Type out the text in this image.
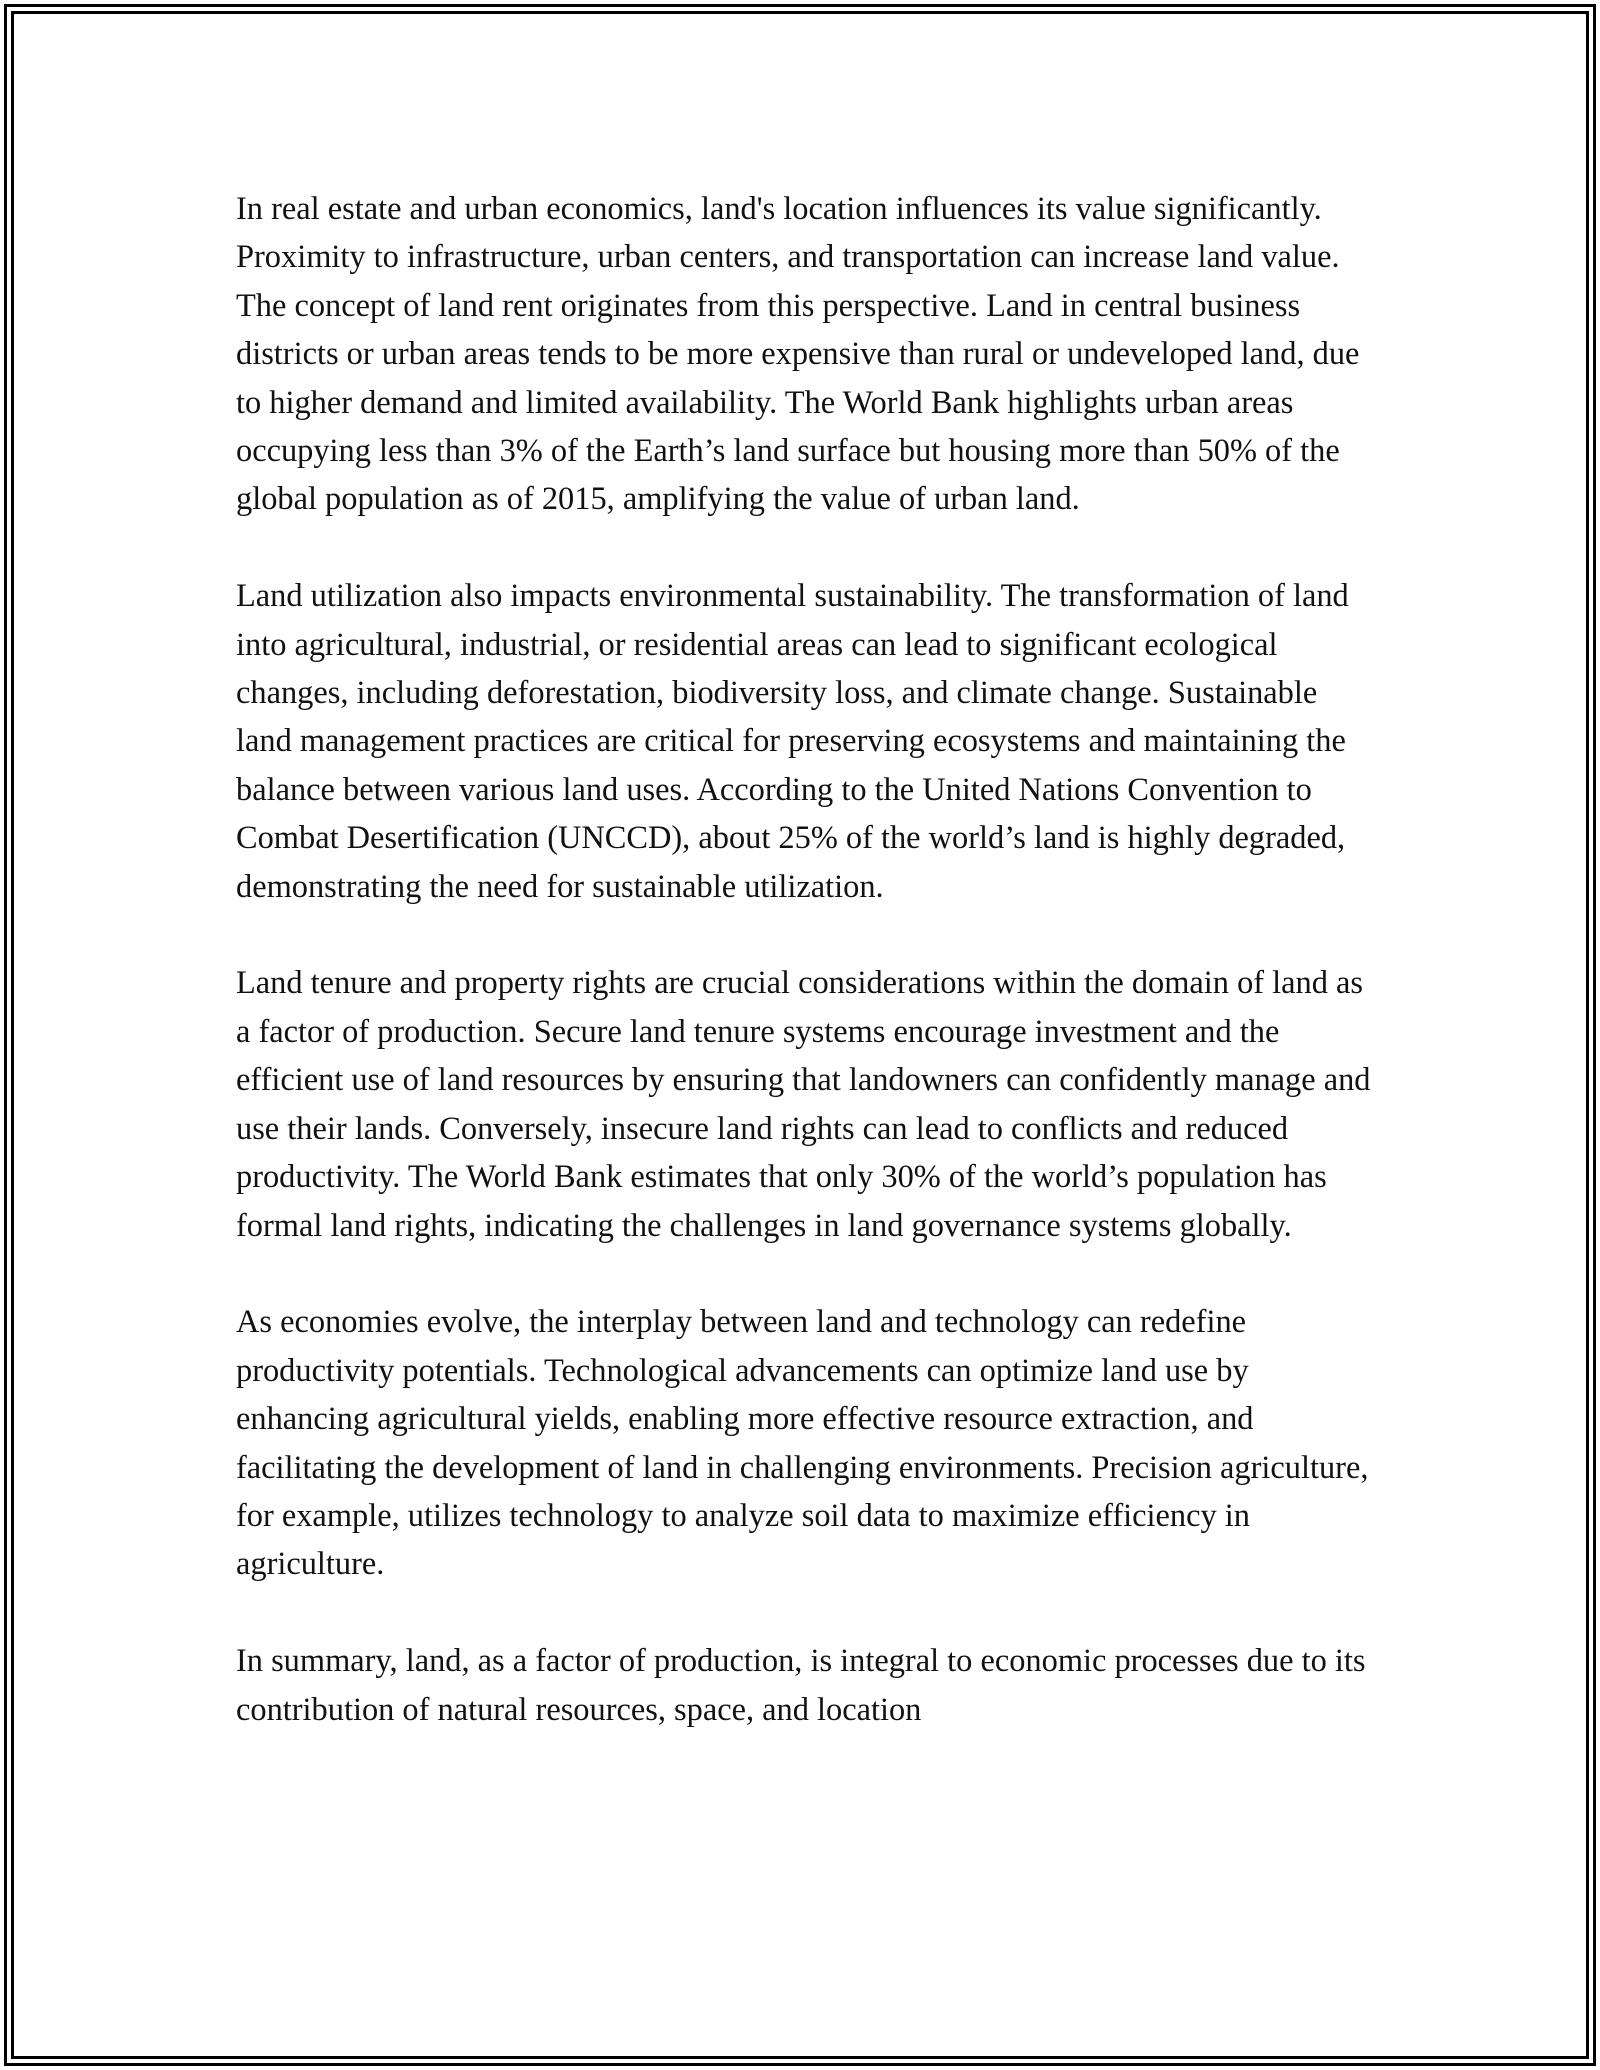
In real estate and urban economics, land's location influences its value significantly. Proximity to infrastructure, urban centers, and transportation can increase land value. The concept of land rent originates from this perspective. Land in central business districts or urban areas tends to be more expensive than rural or undeveloped land, due to higher demand and limited availability. The World Bank highlights urban areas occupying less than 3% of the Earth’s land surface but housing more than 50% of the global population as of 2015, amplifying the value of urban land.

Land utilization also impacts environmental sustainability. The transformation of land into agricultural, industrial, or residential areas can lead to significant ecological changes, including deforestation, biodiversity loss, and climate change. Sustainable land management practices are critical for preserving ecosystems and maintaining the balance between various land uses. According to the United Nations Convention to Combat Desertification (UNCCD), about 25% of the world’s land is highly degraded, demonstrating the need for sustainable utilization.

Land tenure and property rights are crucial considerations within the domain of land as a factor of production. Secure land tenure systems encourage investment and the efficient use of land resources by ensuring that landowners can confidently manage and use their lands. Conversely, insecure land rights can lead to conflicts and reduced productivity. The World Bank estimates that only 30% of the world’s population has formal land rights, indicating the challenges in land governance systems globally.

As economies evolve, the interplay between land and technology can redefine productivity potentials. Technological advancements can optimize land use by enhancing agricultural yields, enabling more effective resource extraction, and facilitating the development of land in challenging environments. Precision agriculture, for example, utilizes technology to analyze soil data to maximize efficiency in agriculture.

In summary, land, as a factor of production, is integral to economic processes due to its contribution of natural resources, space, and location
